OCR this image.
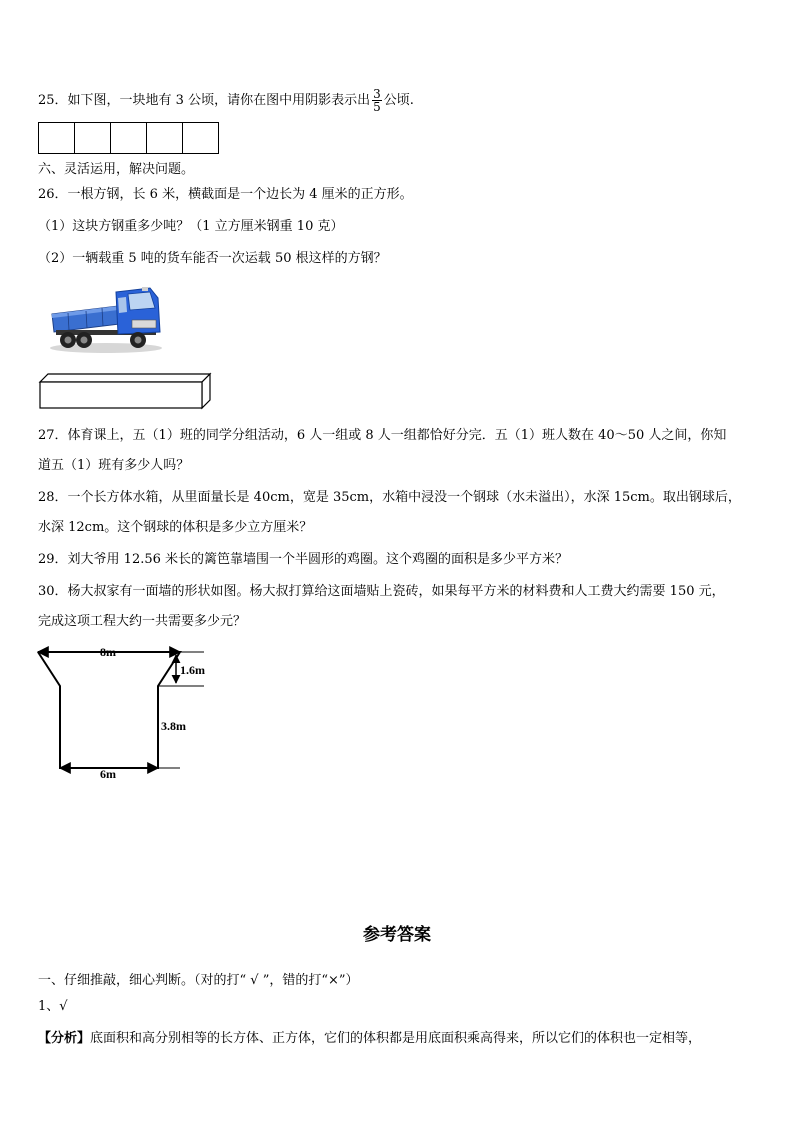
25．如下图，一块地有 3 公顷，请你在图中用阴影表示出 $\frac{3}{5}$ 公顷.
六、灵活运用，解决问题。
26．一根方钢，长 6 米，横截面是一个边长为 4 厘米的正方形。
（1）这块方钢重多少吨？（1 立方厘米钢重 10 克）
（2）一辆载重 5 吨的货车能否一次运载 50 根这样的方钢？
27．体育课上，五（1）班的同学分组活动，6 人一组或 8 人一组都恰好分完．五（1）班人数在 40～50 人之间，你知
道五（1）班有多少人吗？
28．一个长方体水箱，从里面量长是 40cm，宽是 35cm，水箱中浸没一个钢球（水未溢出），水深 15cm。取出钢球后，
水深 12cm。这个钢球的体积是多少立方厘米？
29．刘大爷用 12.56 米长的篱笆靠墙围一个半圆形的鸡圈。这个鸡圈的面积是多少平方米？
30．杨大叔家有一面墙的形状如图。杨大叔打算给这面墙贴上瓷砖，如果每平方米的材料费和人工费大约需要 150 元，
完成这项工程大约一共需要多少元？
8m
1.6m
3.8m
6m
参考答案
一、仔细推敲，细心判断。（对的打“ √ ”，错的打“×”）
1、√
【分析】底面积和高分别相等的长方体、正方体，它们的体积都是用底面积乘高得来，所以它们的体积也一定相等，
